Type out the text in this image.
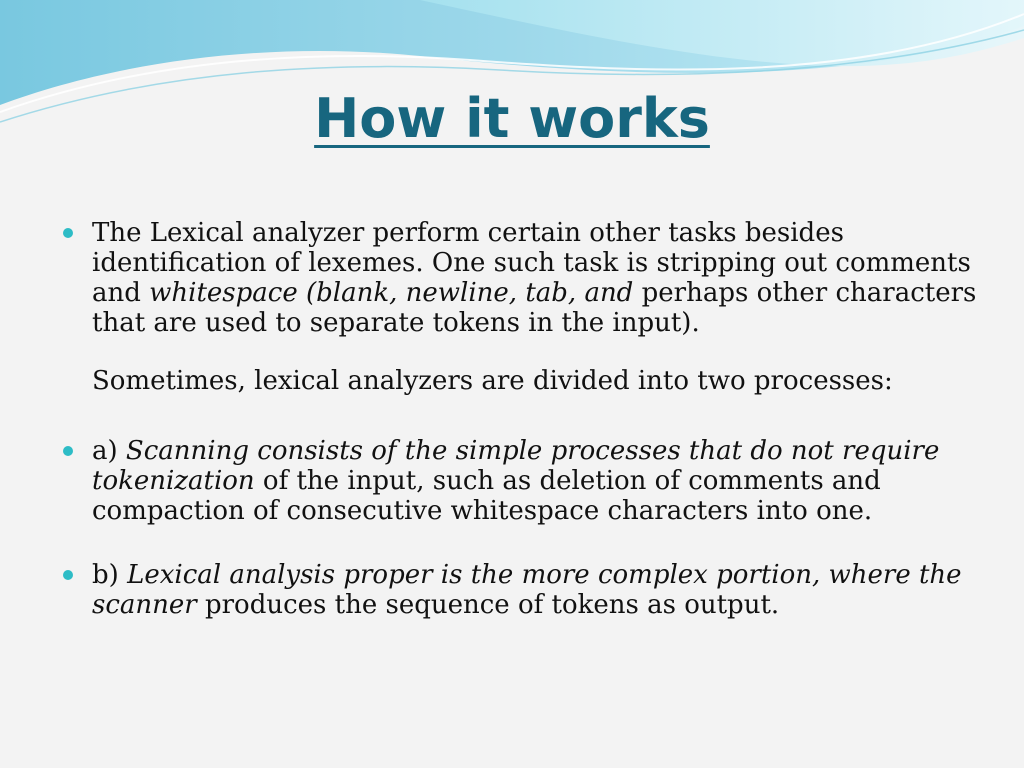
How it works

The Lexical analyzer perform certain other tasks besides identification of lexemes. One such task is stripping out comments and whitespace (blank, newline, tab, and perhaps other characters that are used to separate tokens in the input).

Sometimes, lexical analyzers are divided into two processes:

a) Scanning consists of the simple processes that do not require tokenization of the input, such as deletion of comments and compaction of consecutive whitespace characters into one.

b) Lexical analysis proper is the more complex portion, where the scanner produces the sequence of tokens as output.
